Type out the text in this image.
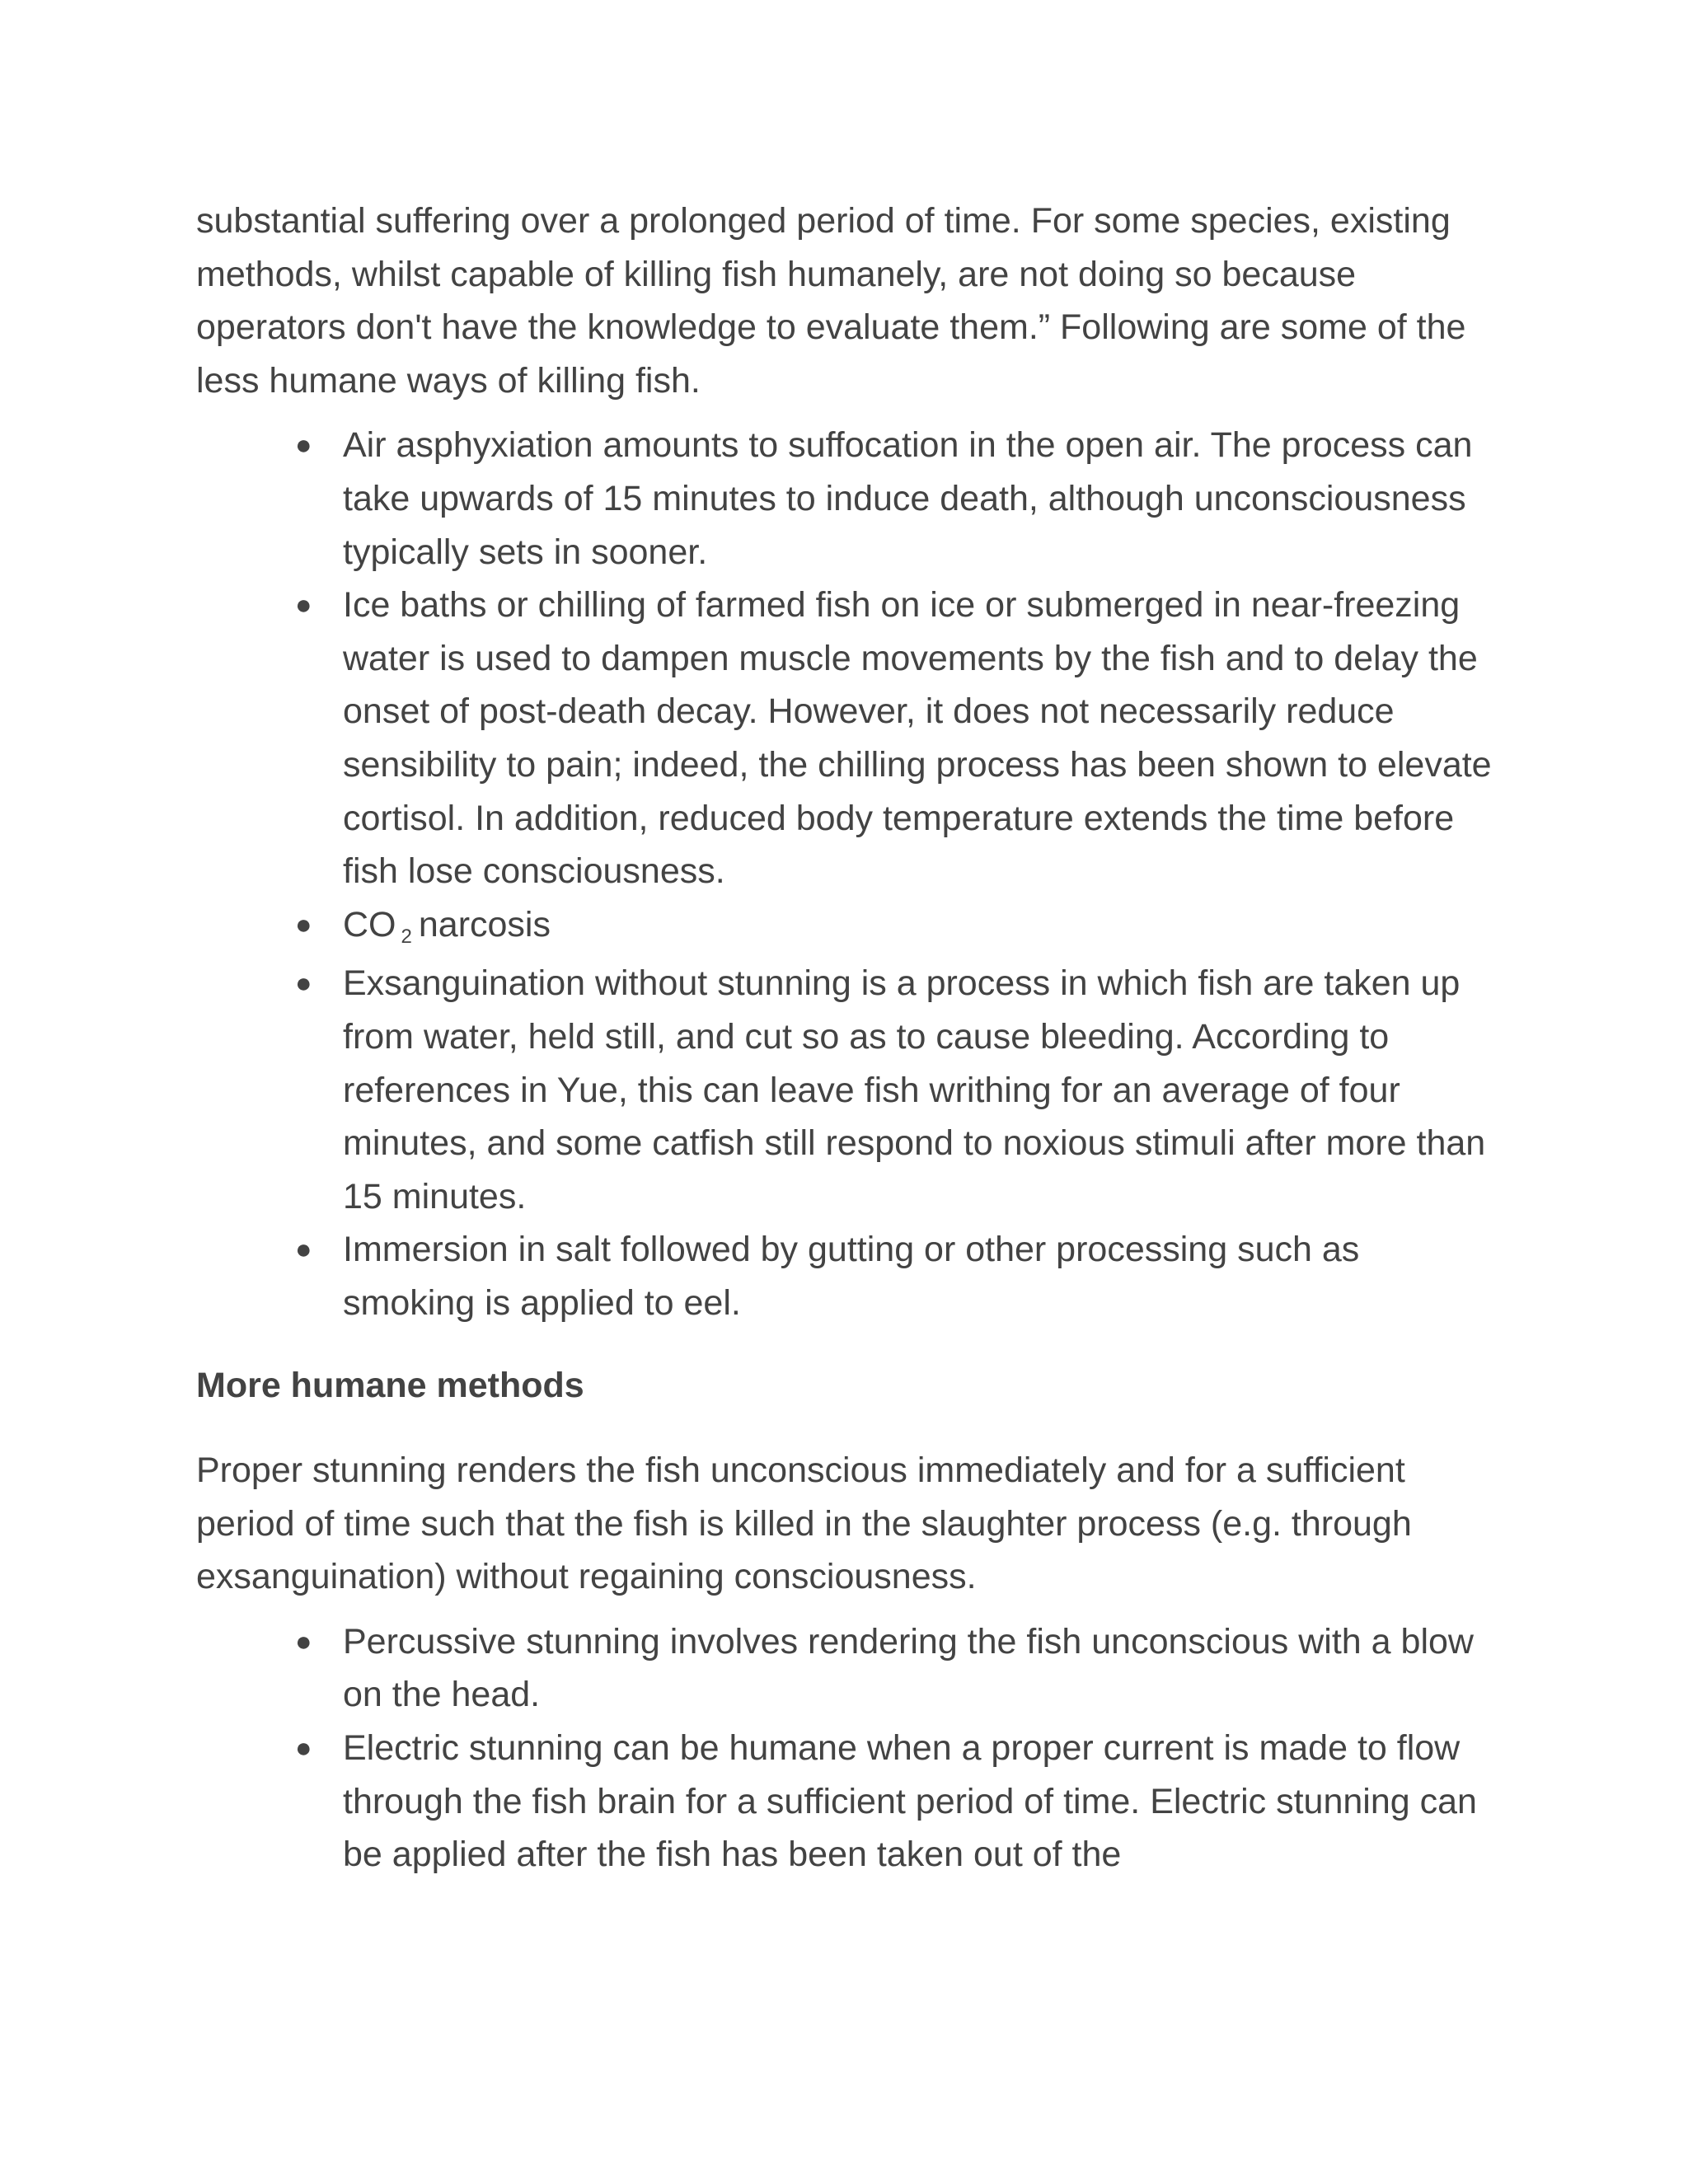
substantial suffering over a prolonged period of time. For some species, existing methods, whilst capable of killing fish humanely, are not doing so because operators don't have the knowledge to evaluate them.” Following are some of the less humane ways of killing fish.

● Air asphyxiation amounts to suffocation in the open air. The process can take upwards of 15 minutes to induce death, although unconsciousness typically sets in sooner.
● Ice baths or chilling of farmed fish on ice or submerged in near-freezing water is used to dampen muscle movements by the fish and to delay the onset of post-death decay. However, it does not necessarily reduce sensibility to pain; indeed, the chilling process has been shown to elevate cortisol. In addition, reduced body temperature extends the time before fish lose consciousness.
● CO 2 narcosis
● Exsanguination without stunning is a process in which fish are taken up from water, held still, and cut so as to cause bleeding. According to references in Yue, this can leave fish writhing for an average of four minutes, and some catfish still respond to noxious stimuli after more than 15 minutes.
● Immersion in salt followed by gutting or other processing such as smoking is applied to eel.
More humane methods

Proper stunning renders the fish unconscious immediately and for a sufficient period of time such that the fish is killed in the slaughter process (e.g. through exsanguination) without regaining consciousness.

● Percussive stunning involves rendering the fish unconscious with a blow on the head.
● Electric stunning can be humane when a proper current is made to flow through the fish brain for a sufficient period of time. Electric stunning can be applied after the fish has been taken out of the
